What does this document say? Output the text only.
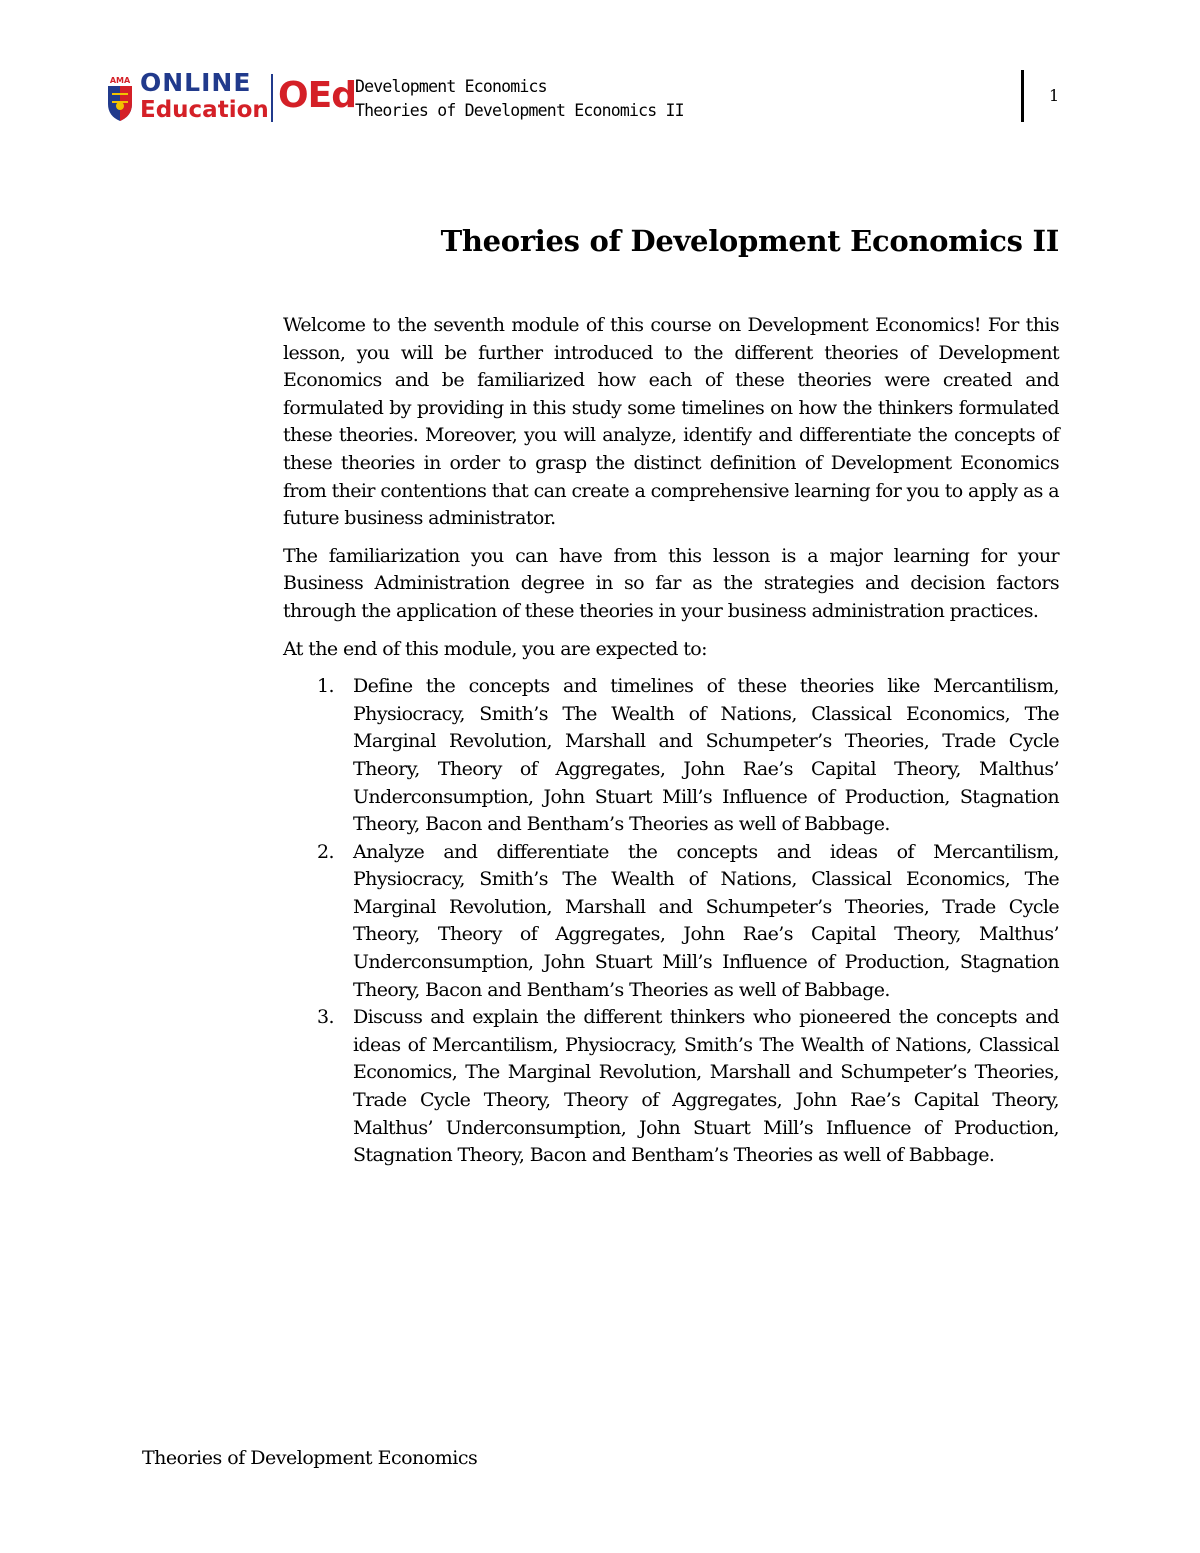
AMA ONLINE
Education OEd Development Economics
Theories of Development Economics II
1
Theories of Development Economics II

Welcome to the seventh module of this course on Development Economics! For this lesson, you will be further introduced to the different theories of Development Economics and be familiarized how each of these theories were created and formulated by providing in this study some timelines on how the thinkers formulated these theories. Moreover, you will analyze, identify and differentiate the concepts of these theories in order to grasp the distinct definition of Development Economics from their contentions that can create a comprehensive learning for you to apply as a future business administrator.

The familiarization you can have from this lesson is a major learning for your Business Administration degree in so far as the strategies and decision factors through the application of these theories in your business administration practices.

At the end of this module, you are expected to:

1. Define the concepts and timelines of these theories like Mercantilism, Physiocracy, Smith’s The Wealth of Nations, Classical Economics, The Marginal Revolution, Marshall and Schumpeter’s Theories, Trade Cycle Theory, Theory of Aggregates, John Rae’s Capital Theory, Malthus’ Underconsumption, John Stuart Mill’s Influence of Production, Stagnation Theory, Bacon and Bentham’s Theories as well of Babbage.
2. Analyze and differentiate the concepts and ideas of Mercantilism, Physiocracy, Smith’s The Wealth of Nations, Classical Economics, The Marginal Revolution, Marshall and Schumpeter’s Theories, Trade Cycle Theory, Theory of Aggregates, John Rae’s Capital Theory, Malthus’ Underconsumption, John Stuart Mill’s Influence of Production, Stagnation Theory, Bacon and Bentham’s Theories as well of Babbage.
3. Discuss and explain the different thinkers who pioneered the concepts and ideas of Mercantilism, Physiocracy, Smith’s The Wealth of Nations, Classical Economics, The Marginal Revolution, Marshall and Schumpeter’s Theories, Trade Cycle Theory, Theory of Aggregates, John Rae’s Capital Theory, Malthus’ Underconsumption, John Stuart Mill’s Influence of Production, Stagnation Theory, Bacon and Bentham’s Theories as well of Babbage.
Theories of Development Economics
